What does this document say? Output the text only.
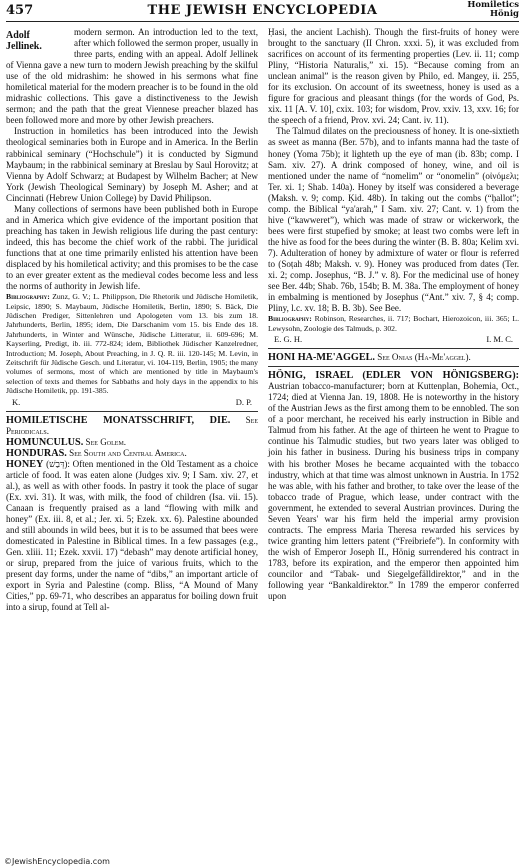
457	THE JEWISH ENCYCLOPEDIA	Homiletics
Hönig

Adolf Jellinek.
modern sermon. An introduction led to the text, after which followed the sermon proper, usually in three parts, ending with an appeal. Adolf Jellinek of Vienna gave a new turn to modern Jewish preaching by the skilful use of the old midrashim: he showed in his sermons what fine homiletical material for the modern preacher is to be found in the old midrashic collections. This gave a distinctiveness to the Jewish sermon; and the path that the great Viennese preacher blazed has been followed more and more by other Jewish preachers.

Instruction in homiletics has been introduced into the Jewish theological seminaries both in Europe and in America. In the Berlin rabbinical seminary (“Hochschule”) it is conducted by Sigmund Maybaum; in the rabbinical seminary at Breslau by Saul Horovitz; at Vienna by Adolf Schwarz; at Budapest by Wilhelm Bacher; at New York (Jewish Theological Seminary) by Joseph M. Asher; and at Cincinnati (Hebrew Union College) by David Philipson.

Many collections of sermons have been published both in Europe and in America which give evidence of the important position that preaching has taken in Jewish religious life during the past century: indeed, this has become the chief work of the rabbi. The juridical functions that at one time primarily enlisted his attention have been displaced by his homiletical activity; and this promises to be the case to an ever greater extent as the medieval codes become less and less the norms of authority in Jewish life.

Bibliography: Zunz, G. V.; L. Philippson, Die Rhetorik und Jüdische Homiletik, Leipsic, 1890; S. Maybaum, Jüdische Homiletik, Berlin, 1890; S. Bäck, Die Jüdischen Prediger, Sittenlehren und Apologeten vom 13. bis zum 18. Jahrhunderts, Berlin, 1895; idem, Die Darschanim vom 15. bis Ende des 18. Jahrhunderts, in Winter and Wünsche, Jüdische Litteratur, ii. 609-696; M. Kayserling, Predigt, ib. iii. 772-824; idem, Bibliothek Jüdischer Kanzelredner, Introduction; M. Joseph, About Preaching, in J. Q. R. iii. 120-145; M. Levin, in Zeitschrift für Jüdische Gesch. und Literatur, vi. 104-119, Berlin, 1905; the many volumes of sermons, most of which are mentioned by title in Maybaum's selection of texts and themes for Sabbaths and holy days in the appendix to his Jüdische Homiletik, pp. 191-385.

K.	D. P.

HOMILETISCHE MONATSSCHRIFT, DIE. See Periodicals.

HOMUNCULUS. See Golem.

HONDURAS. See South and Central America.

HONEY (דְּבַשׁ): Often mentioned in the Old Testament as a choice article of food. It was eaten alone (Judges xiv. 9; I Sam. xiv. 27, et al.), as well as with other foods. In pastry it took the place of sugar (Ex. xvi. 31). It was, with milk, the food of children (Isa. vii. 15). Canaan is frequently praised as a land “flowing with milk and honey” (Ex. iii. 8, et al.; Jer. xi. 5; Ezek. xx. 6). Palestine abounded and still abounds in wild bees, but it is to be assumed that bees were domesticated in Palestine in Biblical times. In a few passages (e.g., Gen. xliii. 11; Ezek. xxvii. 17) “debash” may denote artificial honey, or sirup, prepared from the juice of various fruits, which to the present day forms, under the name of “dibs,” an important article of export in Syria and Palestine (comp. Bliss, “A Mound of Many Cities,” pp. 69-71, who describes an apparatus for boiling down fruit into a sirup, found at Tell al-

Ḥasi, the ancient Lachish). Though the first-fruits of honey were brought to the sanctuary (II Chron. xxxi. 5), it was excluded from sacrifices on account of its fermenting properties (Lev. ii. 11; comp Pliny, “Historia Naturalis,” xi. 15). “Because coming from an unclean animal” is the reason given by Philo, ed. Mangey, ii. 255, for its exclusion. On account of its sweetness, honey is used as a figure for gracious and pleasant things (for the words of God, Ps. xix. 11 [A. V. 10], cxix. 103; for wisdom, Prov. xxiv. 13, xxv. 16; for the speech of a friend, Prov. xvi. 24; Cant. iv. 11).

The Talmud dilates on the preciousness of honey. It is one-sixtieth as sweet as manna (Ber. 57b), and to infants manna had the taste of honey (Yoma 75b); it lighteth up the eye of man (ib. 83b; comp. I Sam. xiv. 27). A drink composed of honey, wine, and oil is mentioned under the name of “nomelim” or “onomelin” (οἰνόμελι; Ter. xi. 1; Shab. 140a). Honey by itself was considered a beverage (Maksh. v. 9; comp. Ḳid. 48b). In taking out the combs (“ḥallot”; comp. the Biblical “ya'arah,” I Sam. xiv. 27; Cant. v. 1) from the hive (“kawweret”), which was made of straw or wickerwork, the bees were first stupefied by smoke; at least two combs were left in the hive as food for the bees during the winter (B. B. 80a; Kelim xvi. 7). Adulteration of honey by admixture of water or flour is referred to (Soṭah 48b; Maksh. v. 9). Honey was produced from dates (Ter. xi. 2; comp. Josephus, “B. J.” v. 8). For the medicinal use of honey see Ber. 44b; Shab. 76b, 154b; B. M. 38a. The employment of honey in embalming is mentioned by Josephus (“Ant.” xiv. 7, § 4; comp. Pliny, l.c. xv. 18; B. B. 3b). See Bee.

Bibliography: Robinson, Researches, ii. 717; Bochart, Hierozoicon, iii. 365; L. Lewysohn, Zoologie des Talmuds, p. 302.

E. G. H.	I. M. C.

HONI HA-ME'AGGEL. See Onias (Ha-Me'aggel).

HÖNIG, ISRAEL (EDLER VON HÖNIGSBERG): Austrian tobacco-manufacturer; born at Kuttenplan, Bohemia, Oct., 1724; died at Vienna Jan. 19, 1808. He is noteworthy in the history of the Austrian Jews as the first among them to be ennobled. The son of a poor merchant, he received his early instruction in Bible and Talmud from his father. At the age of thirteen he went to Prague to continue his Talmudic studies, but two years later was obliged to join his father in business. During his business trips in company with his brother Moses he became acquainted with the tobacco industry, which at that time was almost unknown in Austria. In 1752 he was able, with his father and brother, to take over the lease of the tobacco trade of Prague, which lease, under contract with the government, he extended to several Austrian provinces. During the Seven Years' war his firm held the imperial army provision contracts. The empress Maria Theresa rewarded his services by twice granting him letters patent (“Freibriefe”). In conformity with the wish of Emperor Joseph II., Hönig surrendered his contract in 1783, before its expiration, and the emperor then appointed him councilor and “Tabak- und Siegelgefälldirektor,” and in the following year “Bankaldirektor.” In 1789 the emperor conferred upon

©JewishEncyclopedia.com
